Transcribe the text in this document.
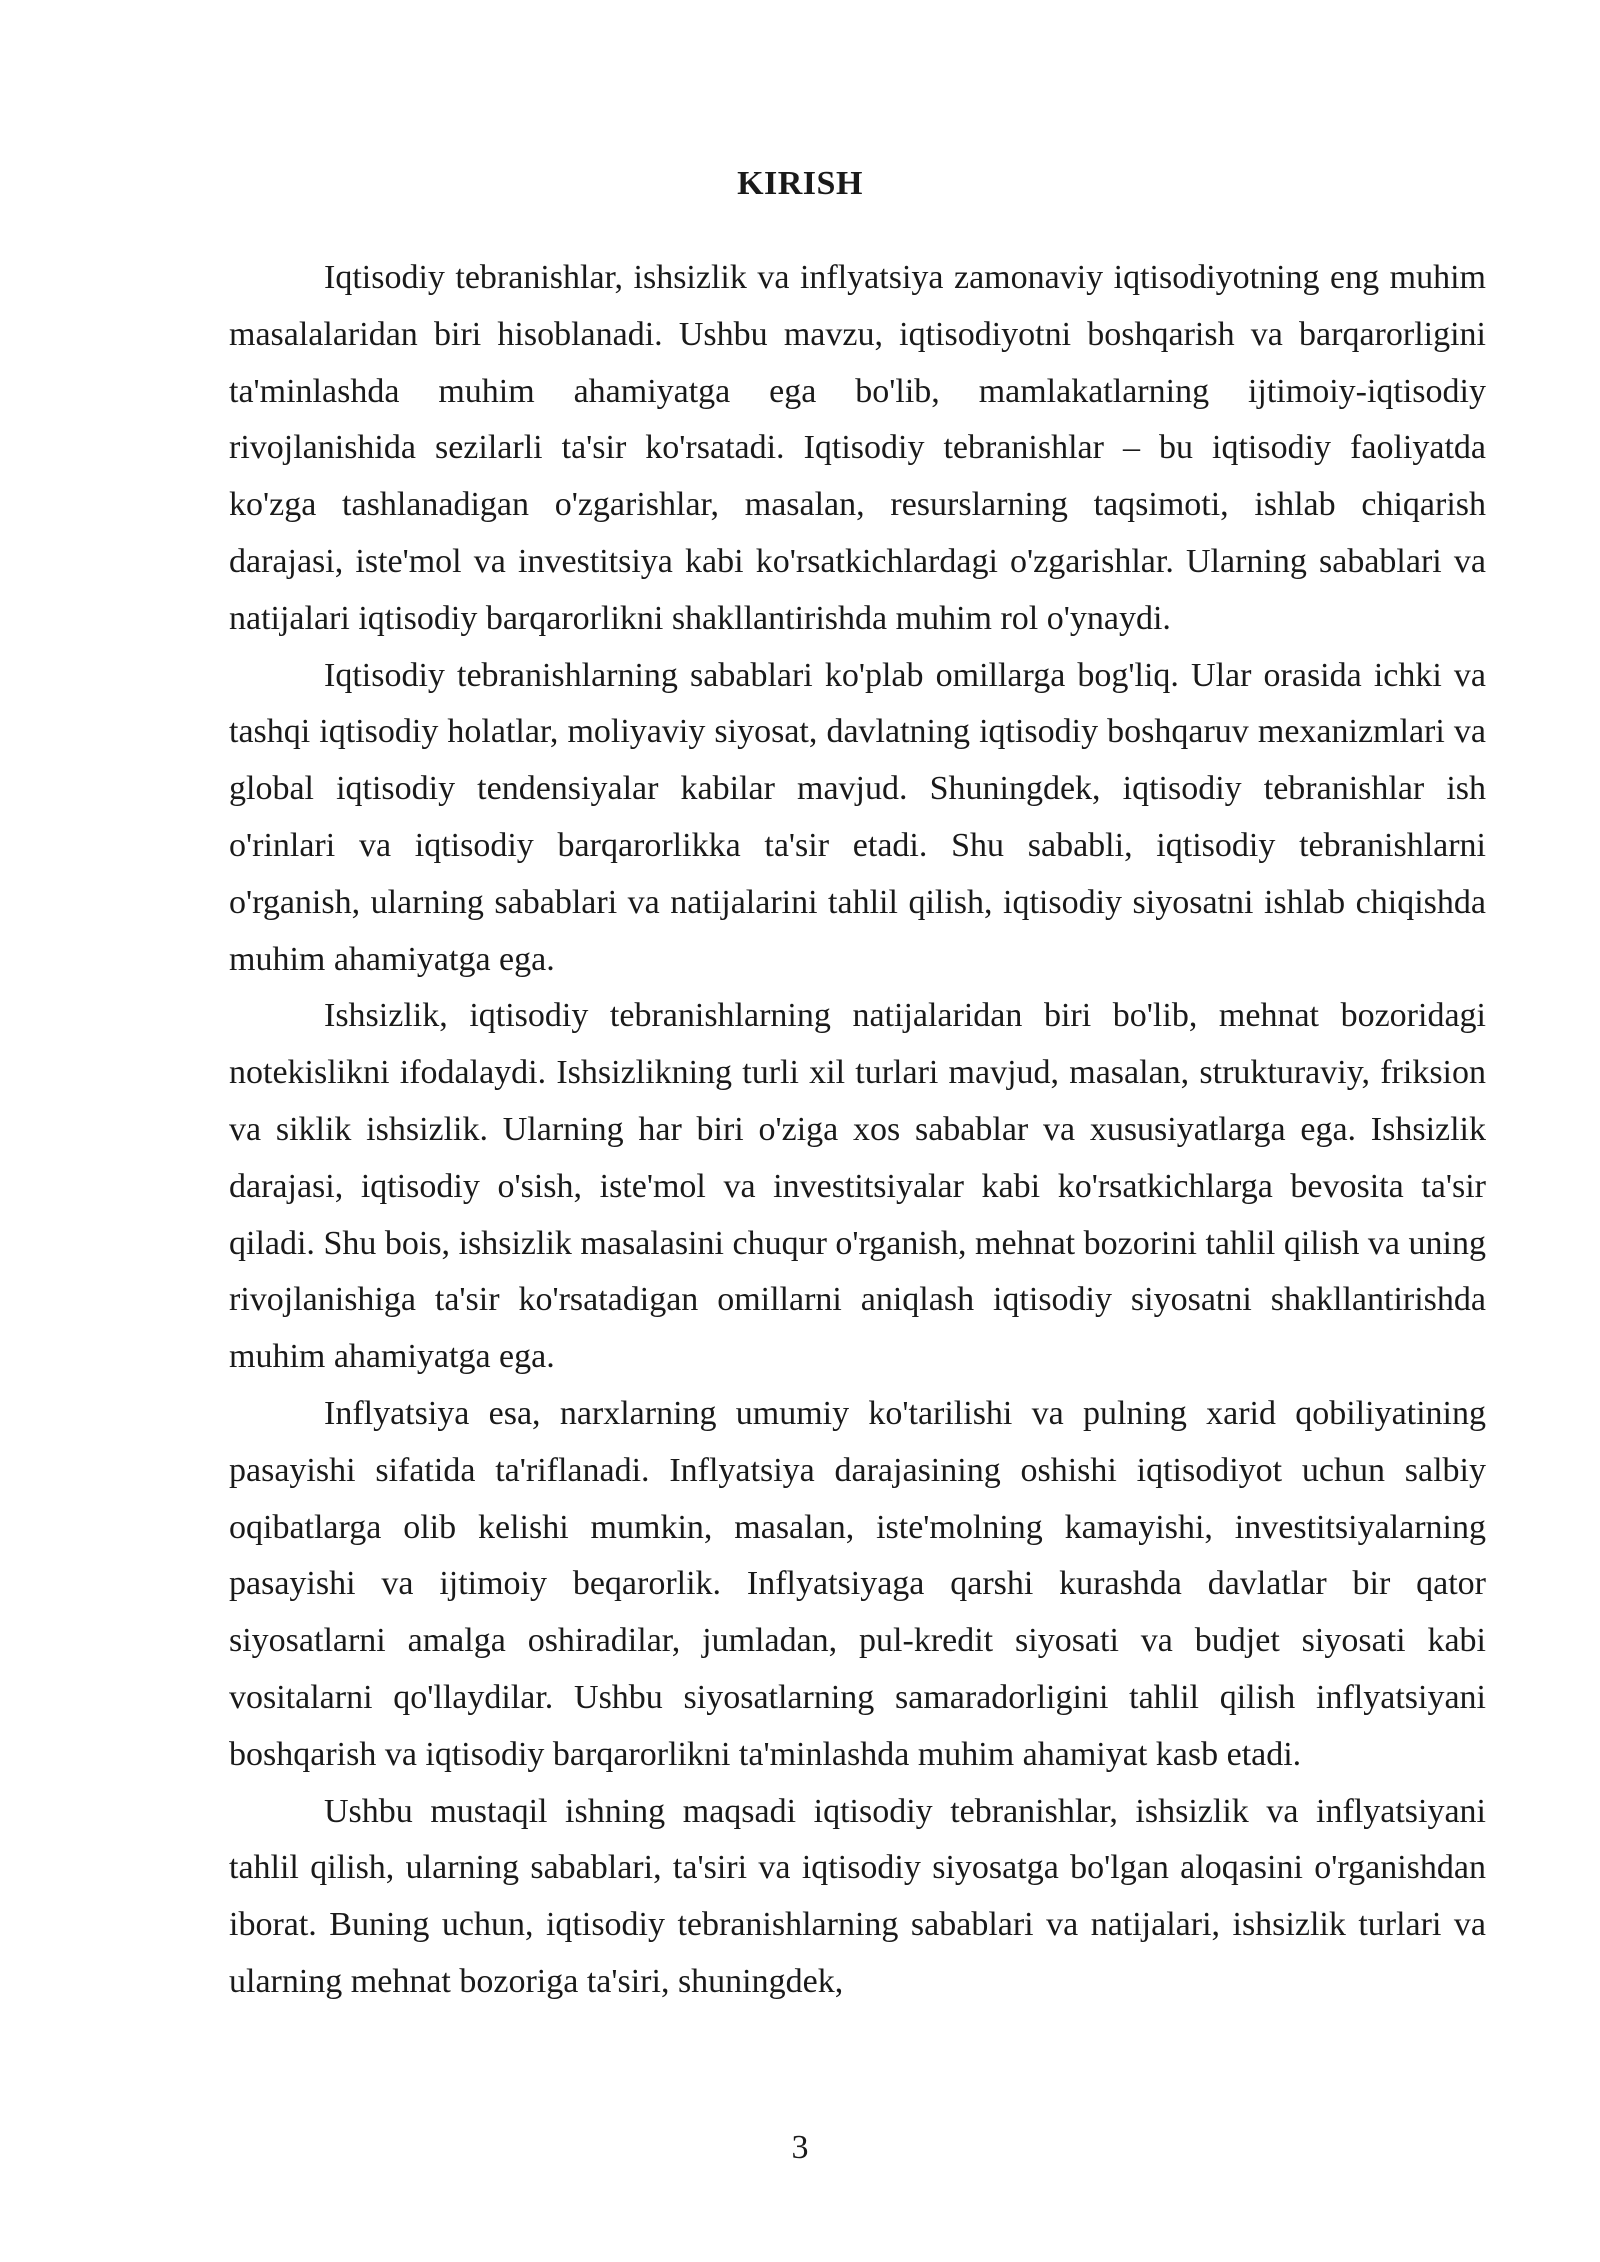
KIRISH

Iqtisodiy tebranishlar, ishsizlik va inflyatsiya zamonaviy iqtisodiyotning eng muhim masalalaridan biri hisoblanadi. Ushbu mavzu, iqtisodiyotni boshqarish va barqarorligini ta'minlashda muhim ahamiyatga ega bo'lib, mamlakatlarning ijtimoiy-iqtisodiy rivojlanishida sezilarli ta'sir ko'rsatadi. Iqtisodiy tebranishlar – bu iqtisodiy faoliyatda ko'zga tashlanadigan o'zgarishlar, masalan, resurslarning taqsimoti, ishlab chiqarish darajasi, iste'mol va investitsiya kabi ko'rsatkichlardagi o'zgarishlar. Ularning sabablari va natijalari iqtisodiy barqarorlikni shakllantirishda muhim rol o'ynaydi.

Iqtisodiy tebranishlarning sabablari ko'plab omillarga bog'liq. Ular orasida ichki va tashqi iqtisodiy holatlar, moliyaviy siyosat, davlatning iqtisodiy boshqaruv mexanizmlari va global iqtisodiy tendensiyalar kabilar mavjud. Shuningdek, iqtisodiy tebranishlar ish o'rinlari va iqtisodiy barqarorlikka ta'sir etadi. Shu sababli, iqtisodiy tebranishlarni o'rganish, ularning sabablari va natijalarini tahlil qilish, iqtisodiy siyosatni ishlab chiqishda muhim ahamiyatga ega.

Ishsizlik, iqtisodiy tebranishlarning natijalaridan biri bo'lib, mehnat bozoridagi notekislikni ifodalaydi. Ishsizlikning turli xil turlari mavjud, masalan, strukturaviy, friksion va siklik ishsizlik. Ularning har biri o'ziga xos sabablar va xususiyatlarga ega. Ishsizlik darajasi, iqtisodiy o'sish, iste'mol va investitsiyalar kabi ko'rsatkichlarga bevosita ta'sir qiladi. Shu bois, ishsizlik masalasini chuqur o'rganish, mehnat bozorini tahlil qilish va uning rivojlanishiga ta'sir ko'rsatadigan omillarni aniqlash iqtisodiy siyosatni shakllantirishda muhim ahamiyatga ega.

Inflyatsiya esa, narxlarning umumiy ko'tarilishi va pulning xarid qobiliyatining pasayishi sifatida ta'riflanadi. Inflyatsiya darajasining oshishi iqtisodiyot uchun salbiy oqibatlarga olib kelishi mumkin, masalan, iste'molning kamayishi, investitsiyalarning pasayishi va ijtimoiy beqarorlik. Inflyatsiyaga qarshi kurashda davlatlar bir qator siyosatlarni amalga oshiradilar, jumladan, pul-kredit siyosati va budjet siyosati kabi vositalarni qo'llaydilar. Ushbu siyosatlarning samaradorligini tahlil qilish inflyatsiyani boshqarish va iqtisodiy barqarorlikni ta'minlashda muhim ahamiyat kasb etadi.

Ushbu mustaqil ishning maqsadi iqtisodiy tebranishlar, ishsizlik va inflyatsiyani tahlil qilish, ularning sabablari, ta'siri va iqtisodiy siyosatga bo'lgan aloqasini o'rganishdan iborat. Buning uchun, iqtisodiy tebranishlarning sabablari va natijalari, ishsizlik turlari va ularning mehnat bozoriga ta'siri, shuningdek,

3
